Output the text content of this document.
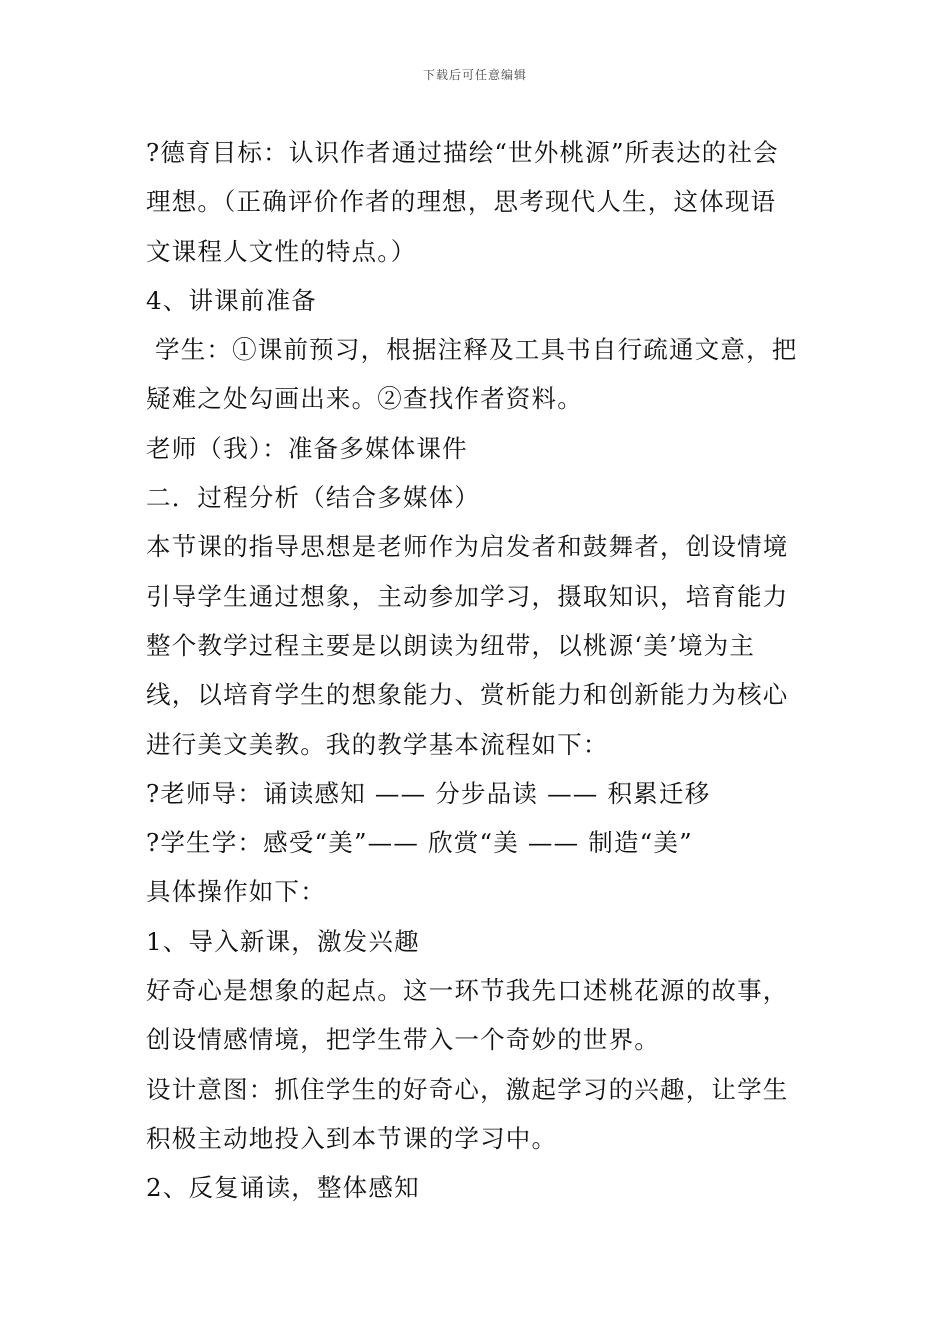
下载后可任意编辑
?德育目标：认识作者通过描绘“世外桃源”所表达的社会
理想。（正确评价作者的理想，思考现代人生，这体现语
文课程人文性的特点。）
4、讲课前准备
学生：①课前预习，根据注释及工具书自行疏通文意，把
疑难之处勾画出来。②查找作者资料。
老师（我）：准备多媒体课件
二．过程分析（结合多媒体）
本节课的指导思想是老师作为启发者和鼓舞者，创设情境
引导学生通过想象，主动参加学习，摄取知识，培育能力
整个教学过程主要是以朗读为纽带，以桃源‘美’境为主
线，以培育学生的想象能力、赏析能力和创新能力为核心
进行美文美教。我的教学基本流程如下：
?老师导：诵读感知 —— 分步品读 —— 积累迁移
?学生学：感受“美”—— 欣赏“美 —— 制造“美”
具体操作如下：
1、导入新课，激发兴趣
好奇心是想象的起点。这一环节我先口述桃花源的故事，
创设情感情境，把学生带入一个奇妙的世界。
设计意图：抓住学生的好奇心，激起学习的兴趣，让学生
积极主动地投入到本节课的学习中。
2、反复诵读，整体感知
